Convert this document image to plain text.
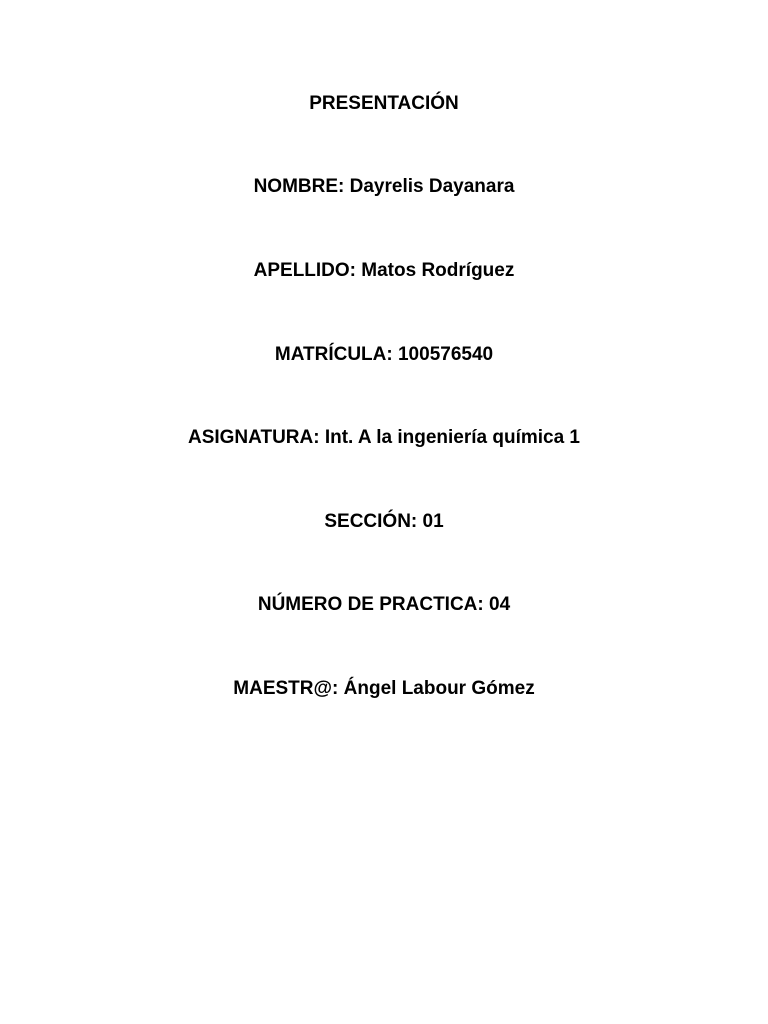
PRESENTACIÓN
NOMBRE: Dayrelis Dayanara
APELLIDO: Matos Rodríguez
MATRÍCULA: 100576540
ASIGNATURA: Int. A la ingeniería química 1
SECCIÓN: 01
NÚMERO DE PRACTICA: 04
MAESTR@: Ángel Labour Gómez
